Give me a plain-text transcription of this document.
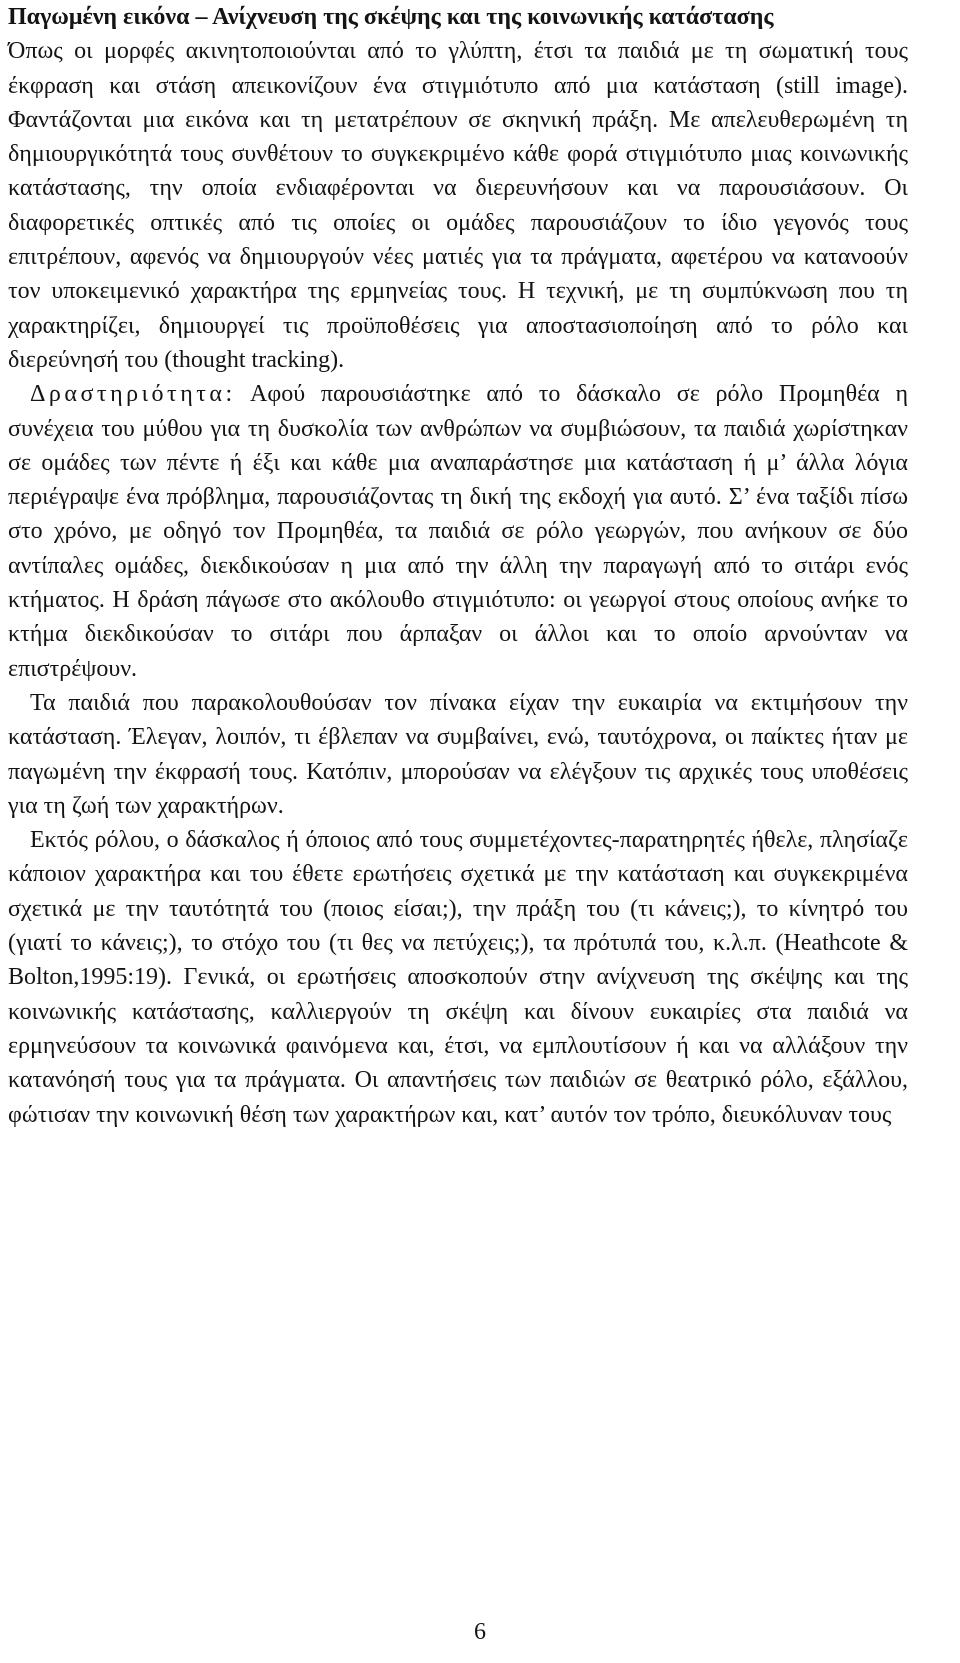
Παγωμένη εικόνα – Ανίχνευση της σκέψης και της κοινωνικής κατάστασης
Όπως οι μορφές ακινητοποιούνται από το γλύπτη, έτσι τα παιδιά με τη σωματική τους έκφραση και στάση απεικονίζουν ένα στιγμιότυπο από μια κατάσταση (still image). Φαντάζονται μια εικόνα και τη μετατρέπουν σε σκηνική πράξη. Με απελευθερωμένη τη δημιουργικότητά τους συνθέτουν το συγκεκριμένο κάθε φορά στιγμιότυπο μιας κοινωνικής κατάστασης, την οποία ενδιαφέρονται να διερευνήσουν και να παρουσιάσουν. Οι διαφορετικές οπτικές από τις οποίες οι ομάδες παρουσιάζουν το ίδιο γεγονός τους επιτρέπουν, αφενός να δημιουργούν νέες ματιές για τα πράγματα, αφετέρου να κατανοούν τον υποκειμενικό χαρακτήρα της ερμηνείας τους. Η τεχνική, με τη συμπύκνωση που τη χαρακτηρίζει, δημιουργεί τις προϋποθέσεις για αποστασιοποίηση από το ρόλο και διερεύνησή του (thought tracking).

Δραστηριότητα: Αφού παρουσιάστηκε από το δάσκαλο σε ρόλο Προμηθέα η συνέχεια του μύθου για τη δυσκολία των ανθρώπων να συμβιώσουν, τα παιδιά χωρίστηκαν σε ομάδες των πέντε ή έξι και κάθε μια αναπαράστησε μια κατάσταση ή μ’ άλλα λόγια περιέγραψε ένα πρόβλημα, παρουσιάζοντας τη δική της εκδοχή για αυτό. Σ’ ένα ταξίδι πίσω στο χρόνο, με οδηγό τον Προμηθέα, τα παιδιά σε ρόλο γεωργών, που ανήκουν σε δύο αντίπαλες ομάδες, διεκδικούσαν η μια από την άλλη την παραγωγή από το σιτάρι ενός κτήματος. Η δράση πάγωσε στο ακόλουθο στιγμιότυπο: οι γεωργοί στους οποίους ανήκε το κτήμα διεκδικούσαν το σιτάρι που άρπαξαν οι άλλοι και το οποίο αρνούνταν να επιστρέψουν.

Τα παιδιά που παρακολουθούσαν τον πίνακα είχαν την ευκαιρία να εκτιμήσουν την κατάσταση. Έλεγαν, λοιπόν, τι έβλεπαν να συμβαίνει, ενώ, ταυτόχρονα, οι παίκτες ήταν με παγωμένη την έκφρασή τους. Κατόπιν, μπορούσαν να ελέγξουν τις αρχικές τους υποθέσεις για τη ζωή των χαρακτήρων.

Εκτός ρόλου, ο δάσκαλος ή όποιος από τους συμμετέχοντες-παρατηρητές ήθελε, πλησίαζε κάποιον χαρακτήρα και του έθετε ερωτήσεις σχετικά με την κατάσταση και συγκεκριμένα σχετικά με την ταυτότητά του (ποιος είσαι;), την πράξη του (τι κάνεις;), το κίνητρό του (γιατί το κάνεις;), το στόχο του (τι θες να πετύχεις;), τα πρότυπά του, κ.λ.π. (Heathcote & Bolton,1995:19). Γενικά, οι ερωτήσεις αποσκοπούν στην ανίχνευση της σκέψης και της κοινωνικής κατάστασης, καλλιεργούν τη σκέψη και δίνουν ευκαιρίες στα παιδιά να ερμηνεύσουν τα κοινωνικά φαινόμενα και, έτσι, να εμπλουτίσουν ή και να αλλάξουν την κατανόησή τους για τα πράγματα. Οι απαντήσεις των παιδιών σε θεατρικό ρόλο, εξάλλου, φώτισαν την κοινωνική θέση των χαρακτήρων και, κατ’ αυτόν τον τρόπο, διευκόλυναν τους

6
